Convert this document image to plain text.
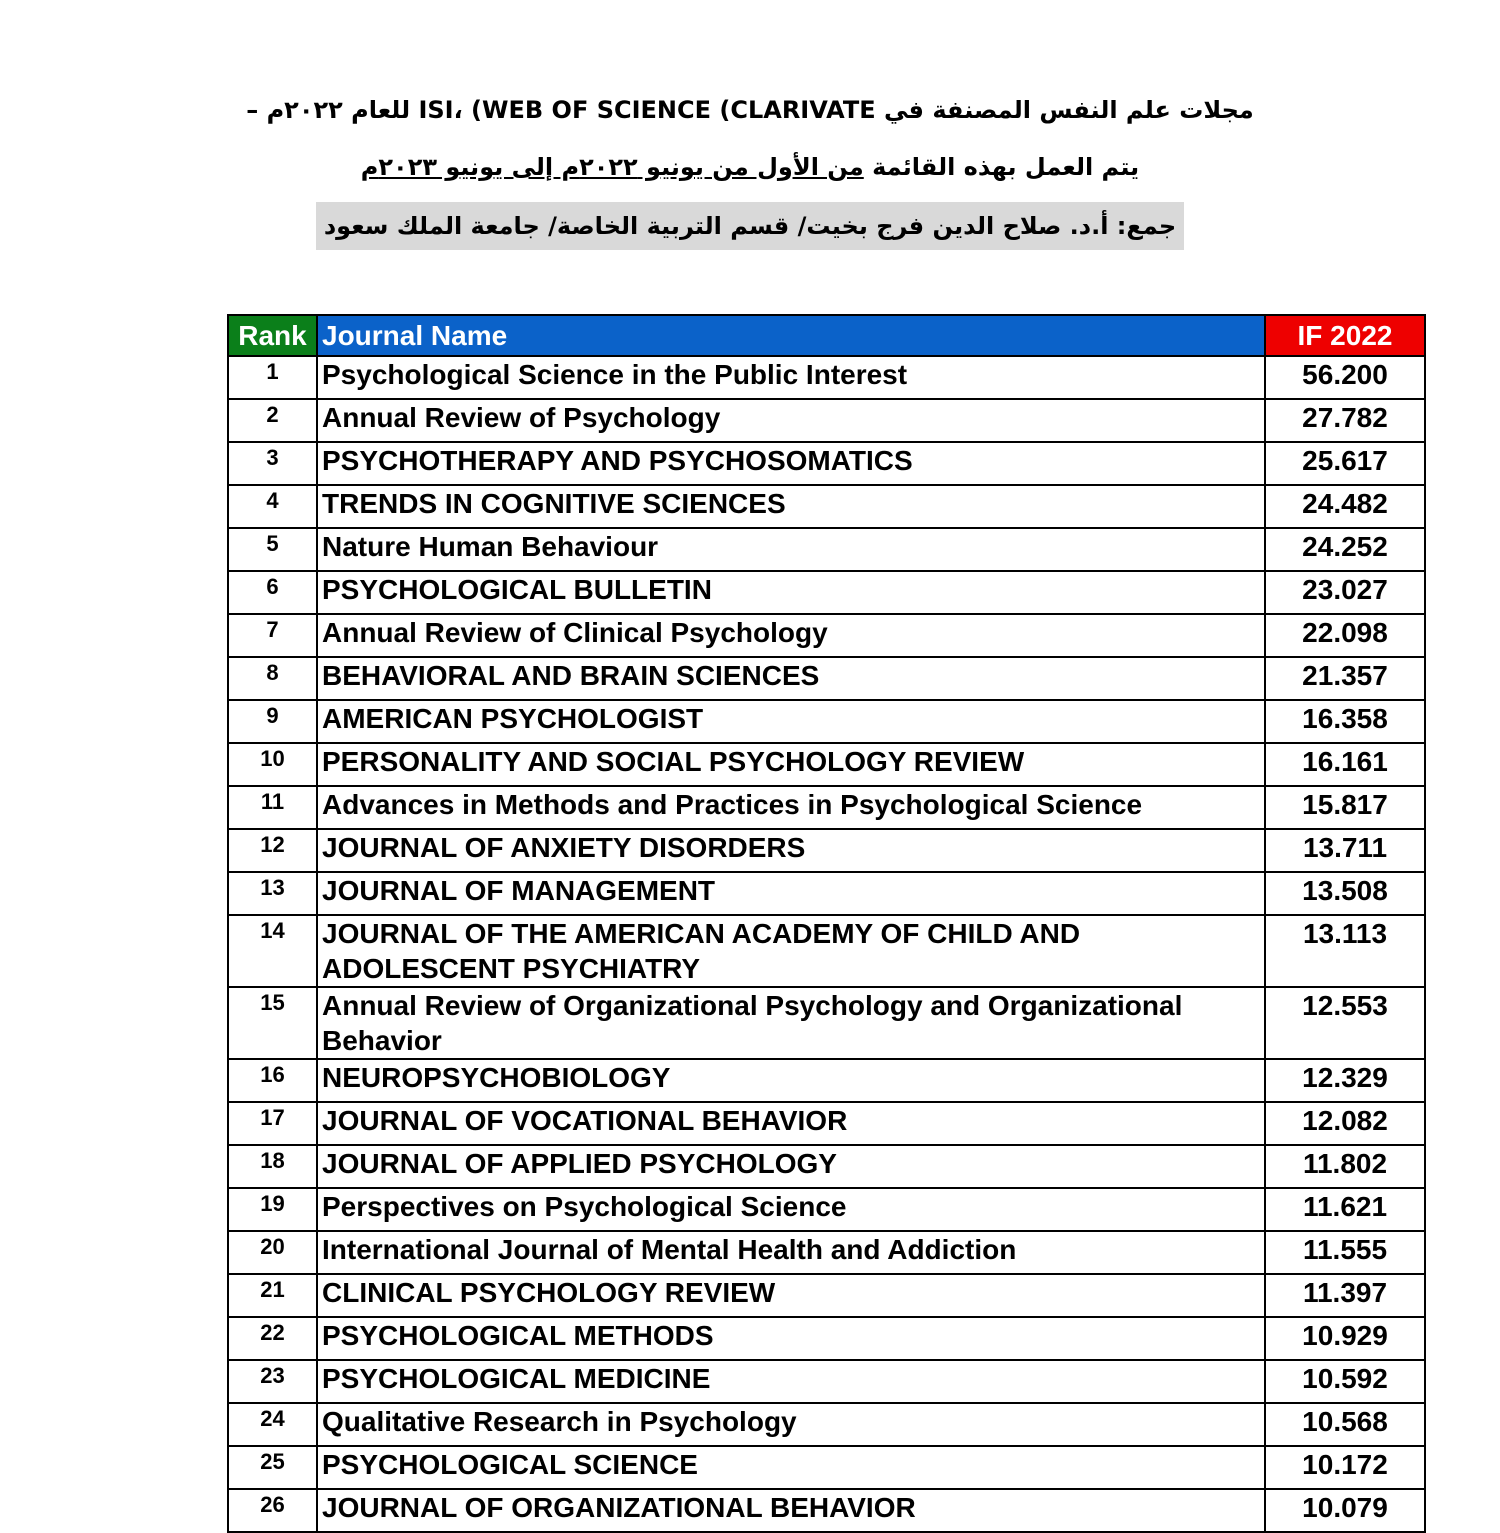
مجلات علم النفس المصنفة في ISI، (WEB OF SCIENCE (CLARIVATE للعام ٢٠٢٢م –
يتم العمل بهذه القائمة من الأول من يونيو ٢٠٢٢م إلى يونيو ٢٠٢٣م
جمع: أ.د. صلاح الدين فرج بخيت/ قسم التربية الخاصة/ جامعة الملك سعود
Rank	Journal Name	IF 2022
1	Psychological Science in the Public Interest	56.200
2	Annual Review of Psychology	27.782
3	PSYCHOTHERAPY AND PSYCHOSOMATICS	25.617
4	TRENDS IN COGNITIVE SCIENCES	24.482
5	Nature Human Behaviour	24.252
6	PSYCHOLOGICAL BULLETIN	23.027
7	Annual Review of Clinical Psychology	22.098
8	BEHAVIORAL AND BRAIN SCIENCES	21.357
9	AMERICAN PSYCHOLOGIST	16.358
10	PERSONALITY AND SOCIAL PSYCHOLOGY REVIEW	16.161
11	Advances in Methods and Practices in Psychological Science	15.817
12	JOURNAL OF ANXIETY DISORDERS	13.711
13	JOURNAL OF MANAGEMENT	13.508
14	JOURNAL OF THE AMERICAN ACADEMY OF CHILD AND ADOLESCENT PSYCHIATRY	13.113
15	Annual Review of Organizational Psychology and Organizational Behavior	12.553
16	NEUROPSYCHOBIOLOGY	12.329
17	JOURNAL OF VOCATIONAL BEHAVIOR	12.082
18	JOURNAL OF APPLIED PSYCHOLOGY	11.802
19	Perspectives on Psychological Science	11.621
20	International Journal of Mental Health and Addiction	11.555
21	CLINICAL PSYCHOLOGY REVIEW	11.397
22	PSYCHOLOGICAL METHODS	10.929
23	PSYCHOLOGICAL MEDICINE	10.592
24	Qualitative Research in Psychology	10.568
25	PSYCHOLOGICAL SCIENCE	10.172
26	JOURNAL OF ORGANIZATIONAL BEHAVIOR	10.079
